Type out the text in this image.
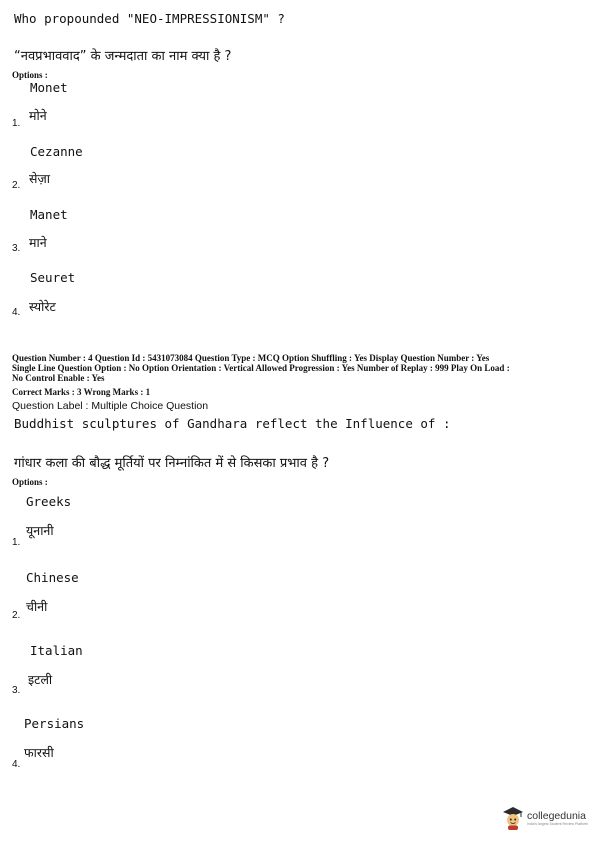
Who propounded "NEO-IMPRESSIONISM" ?
“नवप्रभाववाद” के जन्मदाता का नाम क्या है ?
Options :
Monet
1.
मोने
Cezanne
2. सेज़ा
Manet
3. माने
Seuret
4. स्योरेट
Question Number : 4 Question Id : 5431073084 Question Type : MCQ Option Shuffling : Yes Display Question Number : Yes
Single Line Question Option : No Option Orientation : Vertical Allowed Progression : Yes Number of Replay : 999 Play On Load :
No Control Enable : Yes
Correct Marks : 3 Wrong Marks : 1
Question Label : Multiple Choice Question
Buddhist sculptures of Gandhara reflect the Influence of :
गांधार कला की बौद्ध मूर्तियों पर निम्नांकित में से किसका प्रभाव है ?
Options :
Greeks
यूनानी
1.
Chinese
चीनी
2.
Italian
इटली
3.
Persians
फारसी
4.
collegedunia
India's largest Student Review Platform
